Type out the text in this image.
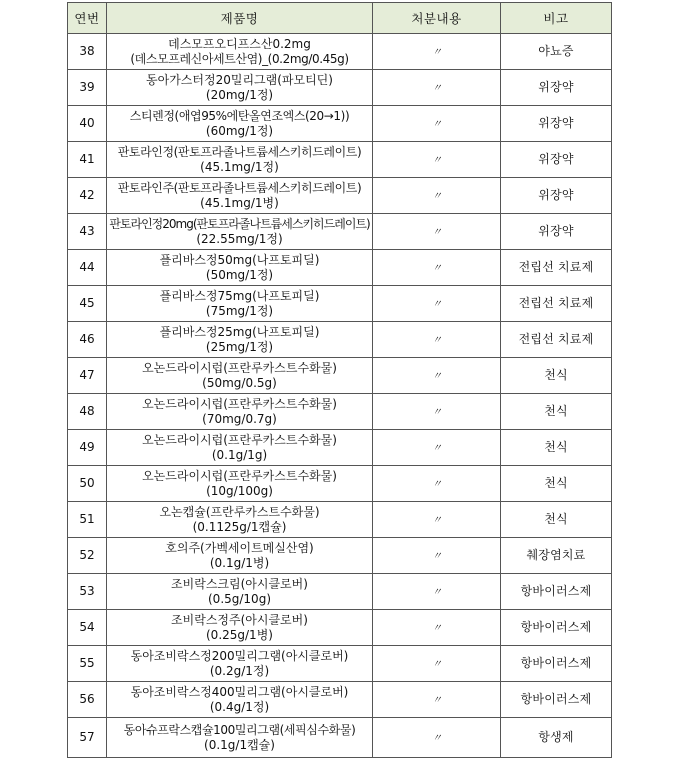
연번	제품명	처분내용	비고
38	데스모프오디프스산0.2mg
(데스모프레신아세트산염)_(0.2mg/0.45g)	〃	야뇨증
39	동아가스터정20밀리그램(파모티딘)
(20mg/1정)	〃	위장약
40	스티렌정(애엽95%에탄올연조엑스(20→1))
(60mg/1정)	〃	위장약
41	판토라인정(판토프라졸나트륨세스키히드레이트)
(45.1mg/1정)	〃	위장약
42	판토라인주(판토프라졸나트륨세스키히드레이트)
(45.1mg/1병)	〃	위장약
43	판토라인정20mg(판토프라졸나트륨세스키히드레이트)
(22.55mg/1정)	〃	위장약
44	플리바스정50mg(나프토피딜)
(50mg/1정)	〃	전립선 치료제
45	플리바스정75mg(나프토피딜)
(75mg/1정)	〃	전립선 치료제
46	플리바스정25mg(나프토피딜)
(25mg/1정)	〃	전립선 치료제
47	오논드라이시럽(프란루카스트수화물)
(50mg/0.5g)	〃	천식
48	오논드라이시럽(프란루카스트수화물)
(70mg/0.7g)	〃	천식
49	오논드라이시럽(프란루카스트수화물)
(0.1g/1g)	〃	천식
50	오논드라이시럽(프란루카스트수화물)
(10g/100g)	〃	천식
51	오논캡슐(프란루카스트수화물)
(0.1125g/1캡슐)	〃	천식
52	호의주(가벡세이트메실산염)
(0.1g/1병)	〃	췌장염치료
53	조비락스크림(아시클로버)
(0.5g/10g)	〃	항바이러스제
54	조비락스정주(아시클로버)
(0.25g/1병)	〃	항바이러스제
55	동아조비락스정200밀리그램(아시클로버)
(0.2g/1정)	〃	항바이러스제
56	동아조비락스정400밀리그램(아시클로버)
(0.4g/1정)	〃	항바이러스제
57	동아슈프락스캡슐100밀리그램(세픽심수화물)
(0.1g/1캡슐)	〃	항생제
